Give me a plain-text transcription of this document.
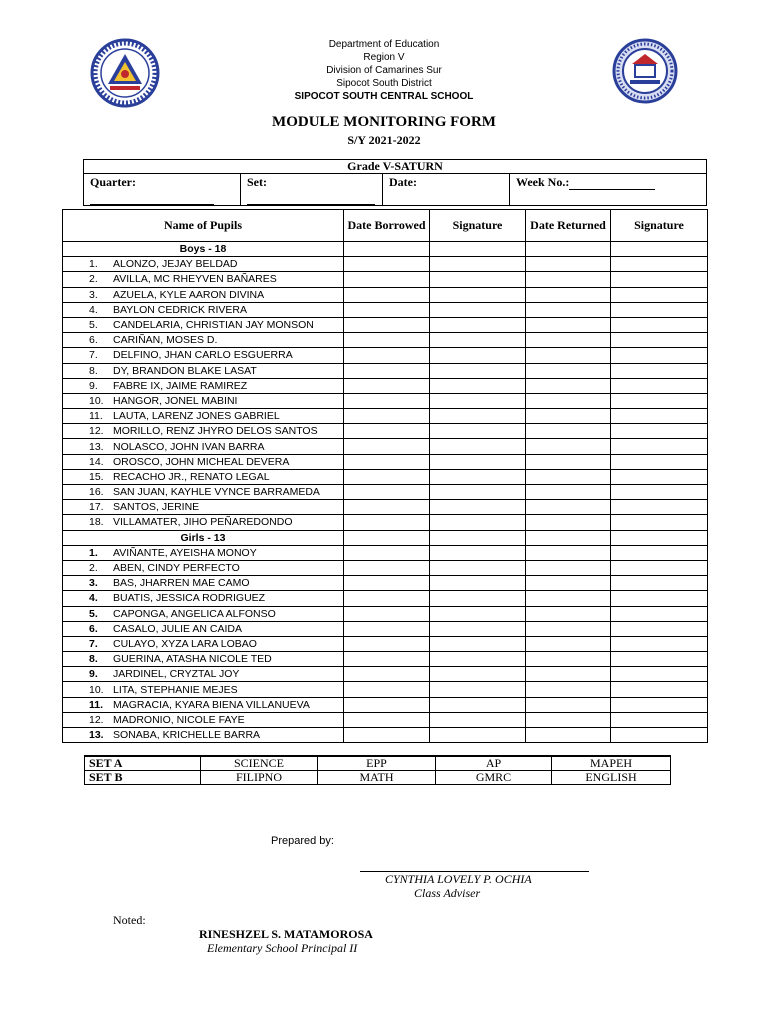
Department of Education
Region V
Division of Camarines Sur
Sipocot South District
SIPOCOT SOUTH CENTRAL SCHOOL
MODULE MONITORING FORM
S/Y 2021-2022
Grade V-SATURN
Quarter:	Set:	Date:	Week No.:
Name of Pupils	Date Borrowed	Signature	Date Returned	Signature
Boys - 18				
1. ALONZO, JEJAY BELDAD				
2. AVILLA, MC RHEYVEN BAÑARES				
3. AZUELA, KYLE AARON DIVINA				
4. BAYLON CEDRICK RIVERA				
5. CANDELARIA, CHRISTIAN JAY MONSON				
6. CARIÑAN, MOSES D.				
7. DELFINO, JHAN CARLO ESGUERRA				
8. DY, BRANDON BLAKE LASAT				
9. FABRE IX, JAIME RAMIREZ				
10. HANGOR, JONEL MABINI				
11. LAUTA, LARENZ JONES GABRIEL				
12. MORILLO, RENZ JHYRO DELOS SANTOS				
13. NOLASCO, JOHN IVAN BARRA				
14. OROSCO, JOHN MICHEAL DEVERA				
15. RECACHO JR., RENATO LEGAL				
16. SAN JUAN, KAYHLE VYNCE BARRAMEDA				
17. SANTOS, JERINE				
18. VILLAMATER, JIHO PEÑAREDONDO				
Girls - 13				
1. AVIÑANTE, AYEISHA MONOY				
2. ABEN, CINDY PERFECTO				
3. BAS, JHARREN MAE CAMO				
4. BUATIS, JESSICA RODRIGUEZ				
5. CAPONGA, ANGELICA ALFONSO				
6. CASALO, JULIE AN CAIDA				
7. CULAYO, XYZA LARA LOBAO				
8. GUERINA, ATASHA NICOLE TED				
9. JARDINEL, CRYZTAL JOY				
10. LITA, STEPHANIE MEJES				
11. MAGRACIA, KYARA BIENA VILLANUEVA				
12. MADRONIO, NICOLE FAYE				
13. SONABA, KRICHELLE BARRA				
SET A	SCIENCE	EPP	AP	MAPEH
SET B	FILIPNO	MATH	GMRC	ENGLISH
Prepared by:
CYNTHIA LOVELY P. OCHIA
Class Adviser
Noted:
RINESHZEL S. MATAMOROSA
Elementary School Principal II
